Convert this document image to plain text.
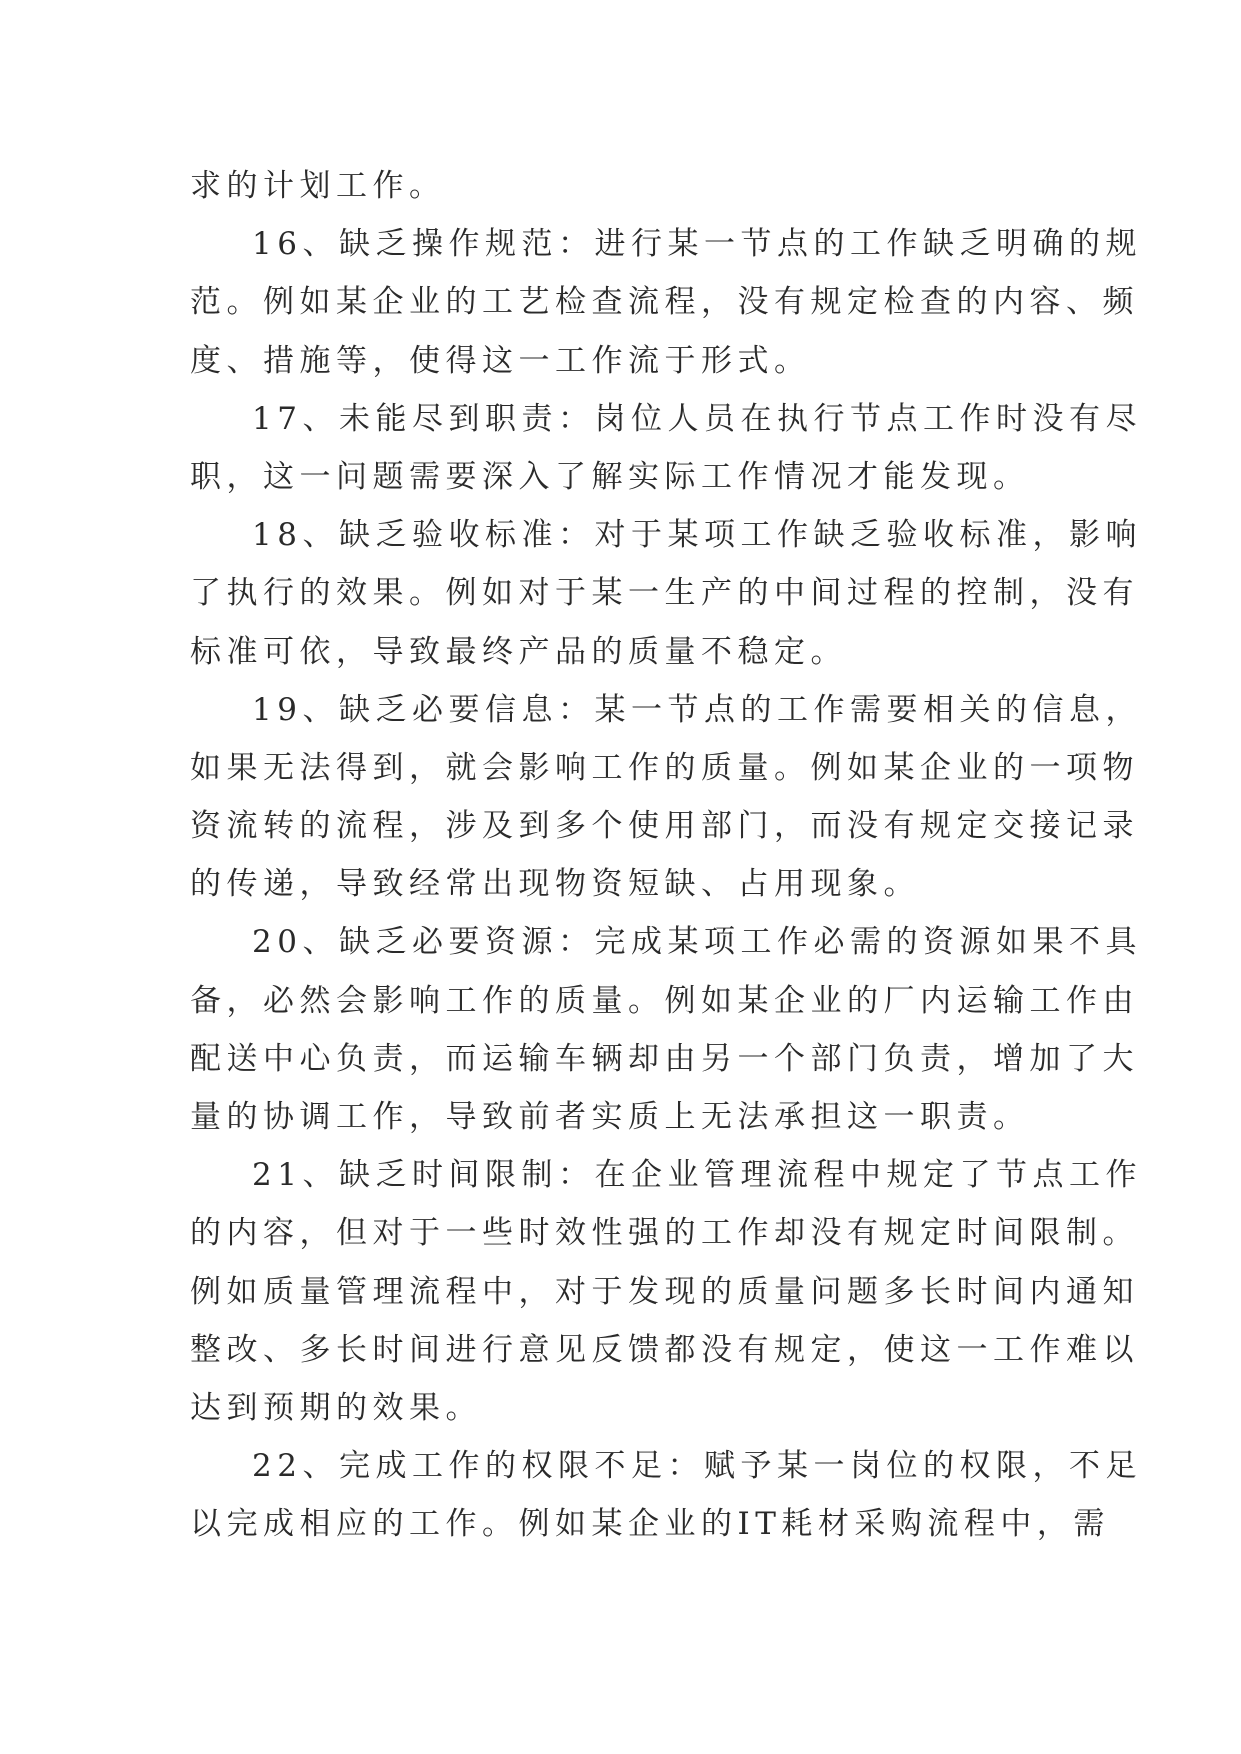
求的计划工作。
16、缺乏操作规范：进行某一节点的工作缺乏明确的规
范。例如某企业的工艺检查流程，没有规定检查的内容、频
度、措施等，使得这一工作流于形式。
17、未能尽到职责：岗位人员在执行节点工作时没有尽
职，这一问题需要深入了解实际工作情况才能发现。
18、缺乏验收标准：对于某项工作缺乏验收标准，影响
了执行的效果。例如对于某一生产的中间过程的控制，没有
标准可依，导致最终产品的质量不稳定。
19、缺乏必要信息：某一节点的工作需要相关的信息，
如果无法得到，就会影响工作的质量。例如某企业的一项物
资流转的流程，涉及到多个使用部门，而没有规定交接记录
的传递，导致经常出现物资短缺、占用现象。
20、缺乏必要资源：完成某项工作必需的资源如果不具
备，必然会影响工作的质量。例如某企业的厂内运输工作由
配送中心负责，而运输车辆却由另一个部门负责，增加了大
量的协调工作，导致前者实质上无法承担这一职责。
21、缺乏时间限制：在企业管理流程中规定了节点工作
的内容，但对于一些时效性强的工作却没有规定时间限制。
例如质量管理流程中，对于发现的质量问题多长时间内通知
整改、多长时间进行意见反馈都没有规定，使这一工作难以
达到预期的效果。
22、完成工作的权限不足：赋予某一岗位的权限，不足
以完成相应的工作。例如某企业的IT耗材采购流程中，需
